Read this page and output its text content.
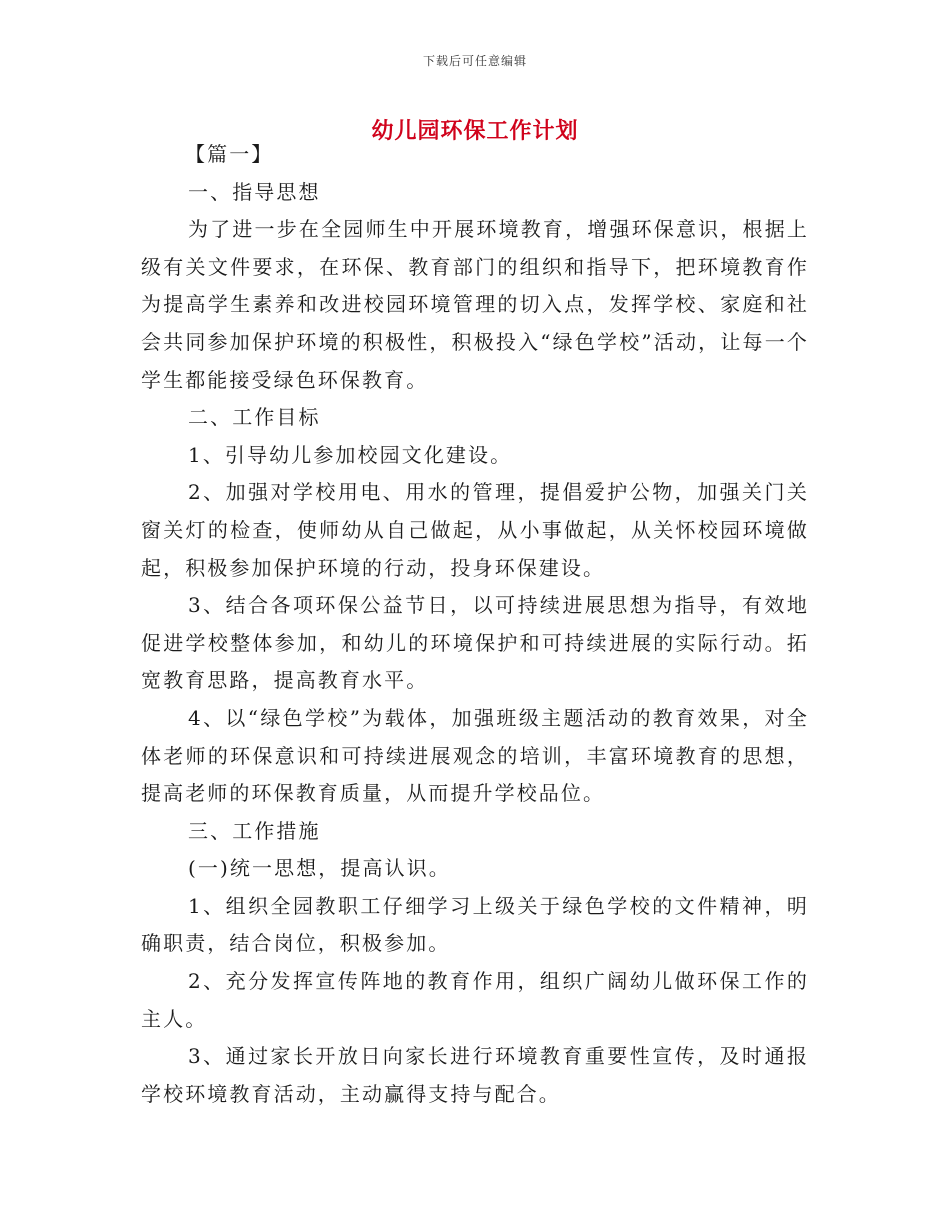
下载后可任意编辑
幼儿园环保工作计划

【篇一】

一、指导思想

为了进一步在全园师生中开展环境教育，增强环保意识，根据上级有关文件要求，在环保、教育部门的组织和指导下，把环境教育作为提高学生素养和改进校园环境管理的切入点，发挥学校、家庭和社会共同参加保护环境的积极性，积极投入“绿色学校”活动，让每一个学生都能接受绿色环保教育。

二、工作目标

1、引导幼儿参加校园文化建设。

2、加强对学校用电、用水的管理，提倡爱护公物，加强关门关窗关灯的检查，使师幼从自己做起，从小事做起，从关怀校园环境做起，积极参加保护环境的行动，投身环保建设。

3、结合各项环保公益节日，以可持续进展思想为指导，有效地促进学校整体参加，和幼儿的环境保护和可持续进展的实际行动。拓宽教育思路，提高教育水平。

4、以“绿色学校”为载体，加强班级主题活动的教育效果，对全体老师的环保意识和可持续进展观念的培训，丰富环境教育的思想，提高老师的环保教育质量，从而提升学校品位。

三、工作措施

(一)统一思想，提高认识。

1、组织全园教职工仔细学习上级关于绿色学校的文件精神，明确职责，结合岗位，积极参加。

2、充分发挥宣传阵地的教育作用，组织广阔幼儿做环保工作的主人。

3、通过家长开放日向家长进行环境教育重要性宣传，及时通报学校环境教育活动，主动赢得支持与配合。
